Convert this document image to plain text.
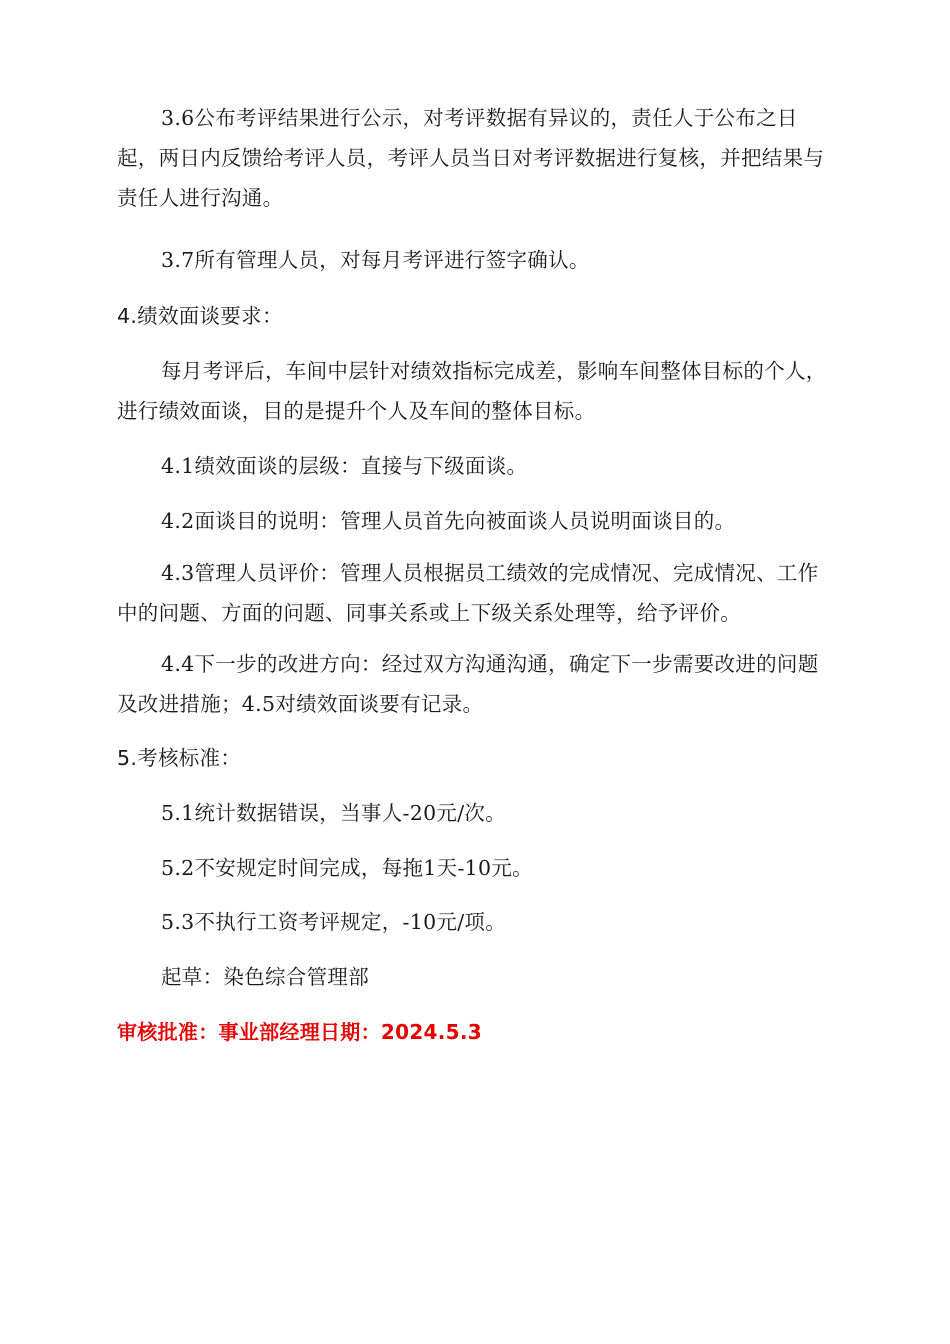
3.6公布考评结果进行公示，对考评数据有异议的，责任人于公布之日起，两日内反馈给考评人员，考评人员当日对考评数据进行复核，并把结果与责任人进行沟通。

3.7所有管理人员，对每月考评进行签字确认。

4.绩效面谈要求：

每月考评后，车间中层针对绩效指标完成差，影响车间整体目标的个人，进行绩效面谈，目的是提升个人及车间的整体目标。

4.1绩效面谈的层级：直接与下级面谈。

4.2面谈目的说明：管理人员首先向被面谈人员说明面谈目的。

4.3管理人员评价：管理人员根据员工绩效的完成情况、完成情况、工作中的问题、方面的问题、同事关系或上下级关系处理等，给予评价。

4.4下一步的改进方向：经过双方沟通沟通，确定下一步需要改进的问题及改进措施；4.5对绩效面谈要有记录。

5.考核标准：

5.1统计数据错误，当事人-20元/次。

5.2不安规定时间完成，每拖1天-10元。

5.3不执行工资考评规定，-10元/项。

起草：染色综合管理部

审核批准：事业部经理日期：2024.5.3
